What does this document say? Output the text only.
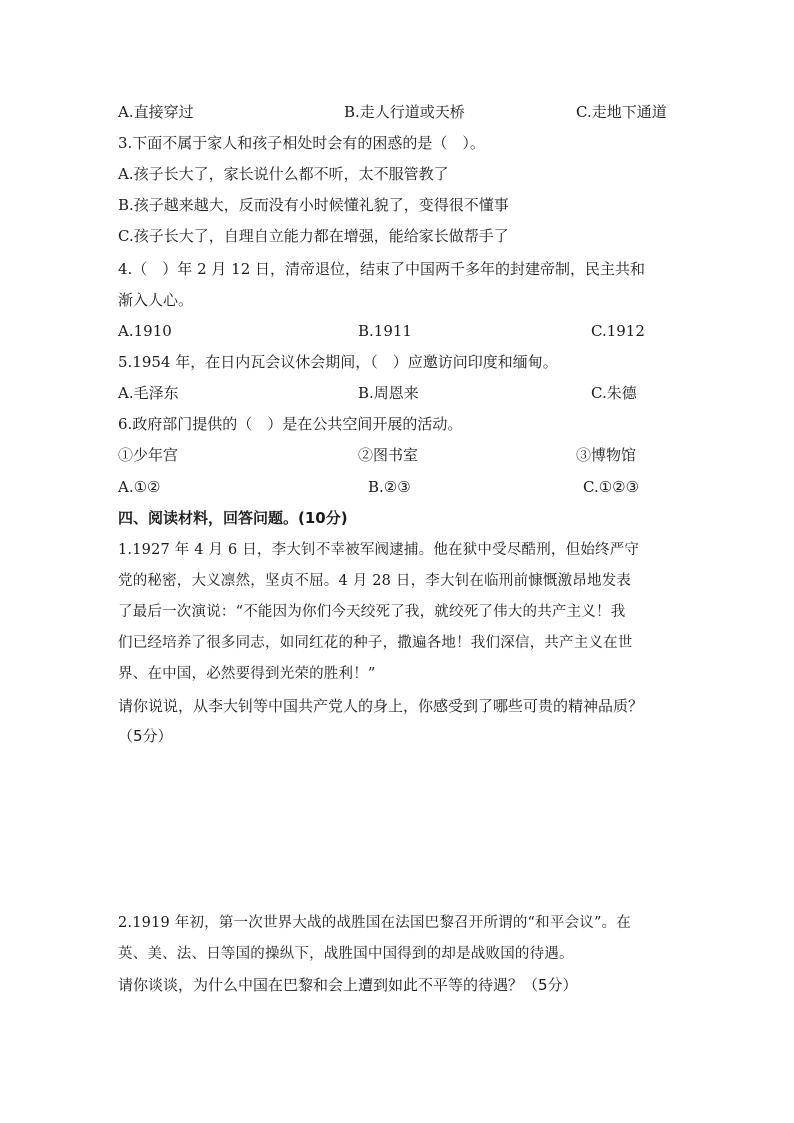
A.直接穿过	B.走人行道或天桥	C.走地下通道
3.下面不属于家人和孩子相处时会有的困惑的是（　）。
A.孩子长大了，家长说什么都不听，太不服管教了
B.孩子越来越大，反而没有小时候懂礼貌了，变得很不懂事
C.孩子长大了，自理自立能力都在增强，能给家长做帮手了
4.（　）年 2 月 12 日，清帝退位，结束了中国两千多年的封建帝制，民主共和
渐入人心。
A.1910	B.1911	C.1912
5.1954 年，在日内瓦会议休会期间，（　）应邀访问印度和缅甸。
A.毛泽东	B.周恩来	C.朱德
6.政府部门提供的（　）是在公共空间开展的活动。
①少年宫	②图书室	③博物馆
A.①②	B.②③	C.①②③
四、阅读材料，回答问题。(10分)
1.1927 年 4 月 6 日，李大钊不幸被军阀逮捕。他在狱中受尽酷刑，但始终严守
党的秘密，大义凛然，坚贞不屈。4 月 28 日，李大钊在临刑前慷慨激昂地发表
了最后一次演说：“不能因为你们今天绞死了我，就绞死了伟大的共产主义！我
们已经培养了很多同志，如同红花的种子，撒遍各地！我们深信，共产主义在世
界、在中国，必然要得到光荣的胜利！”
请你说说，从李大钊等中国共产党人的身上，你感受到了哪些可贵的精神品质？
（5分）
2.1919 年初，第一次世界大战的战胜国在法国巴黎召开所谓的“和平会议”。在
英、美、法、日等国的操纵下，战胜国中国得到的却是战败国的待遇。
请你谈谈，为什么中国在巴黎和会上遭到如此不平等的待遇？（5分）
